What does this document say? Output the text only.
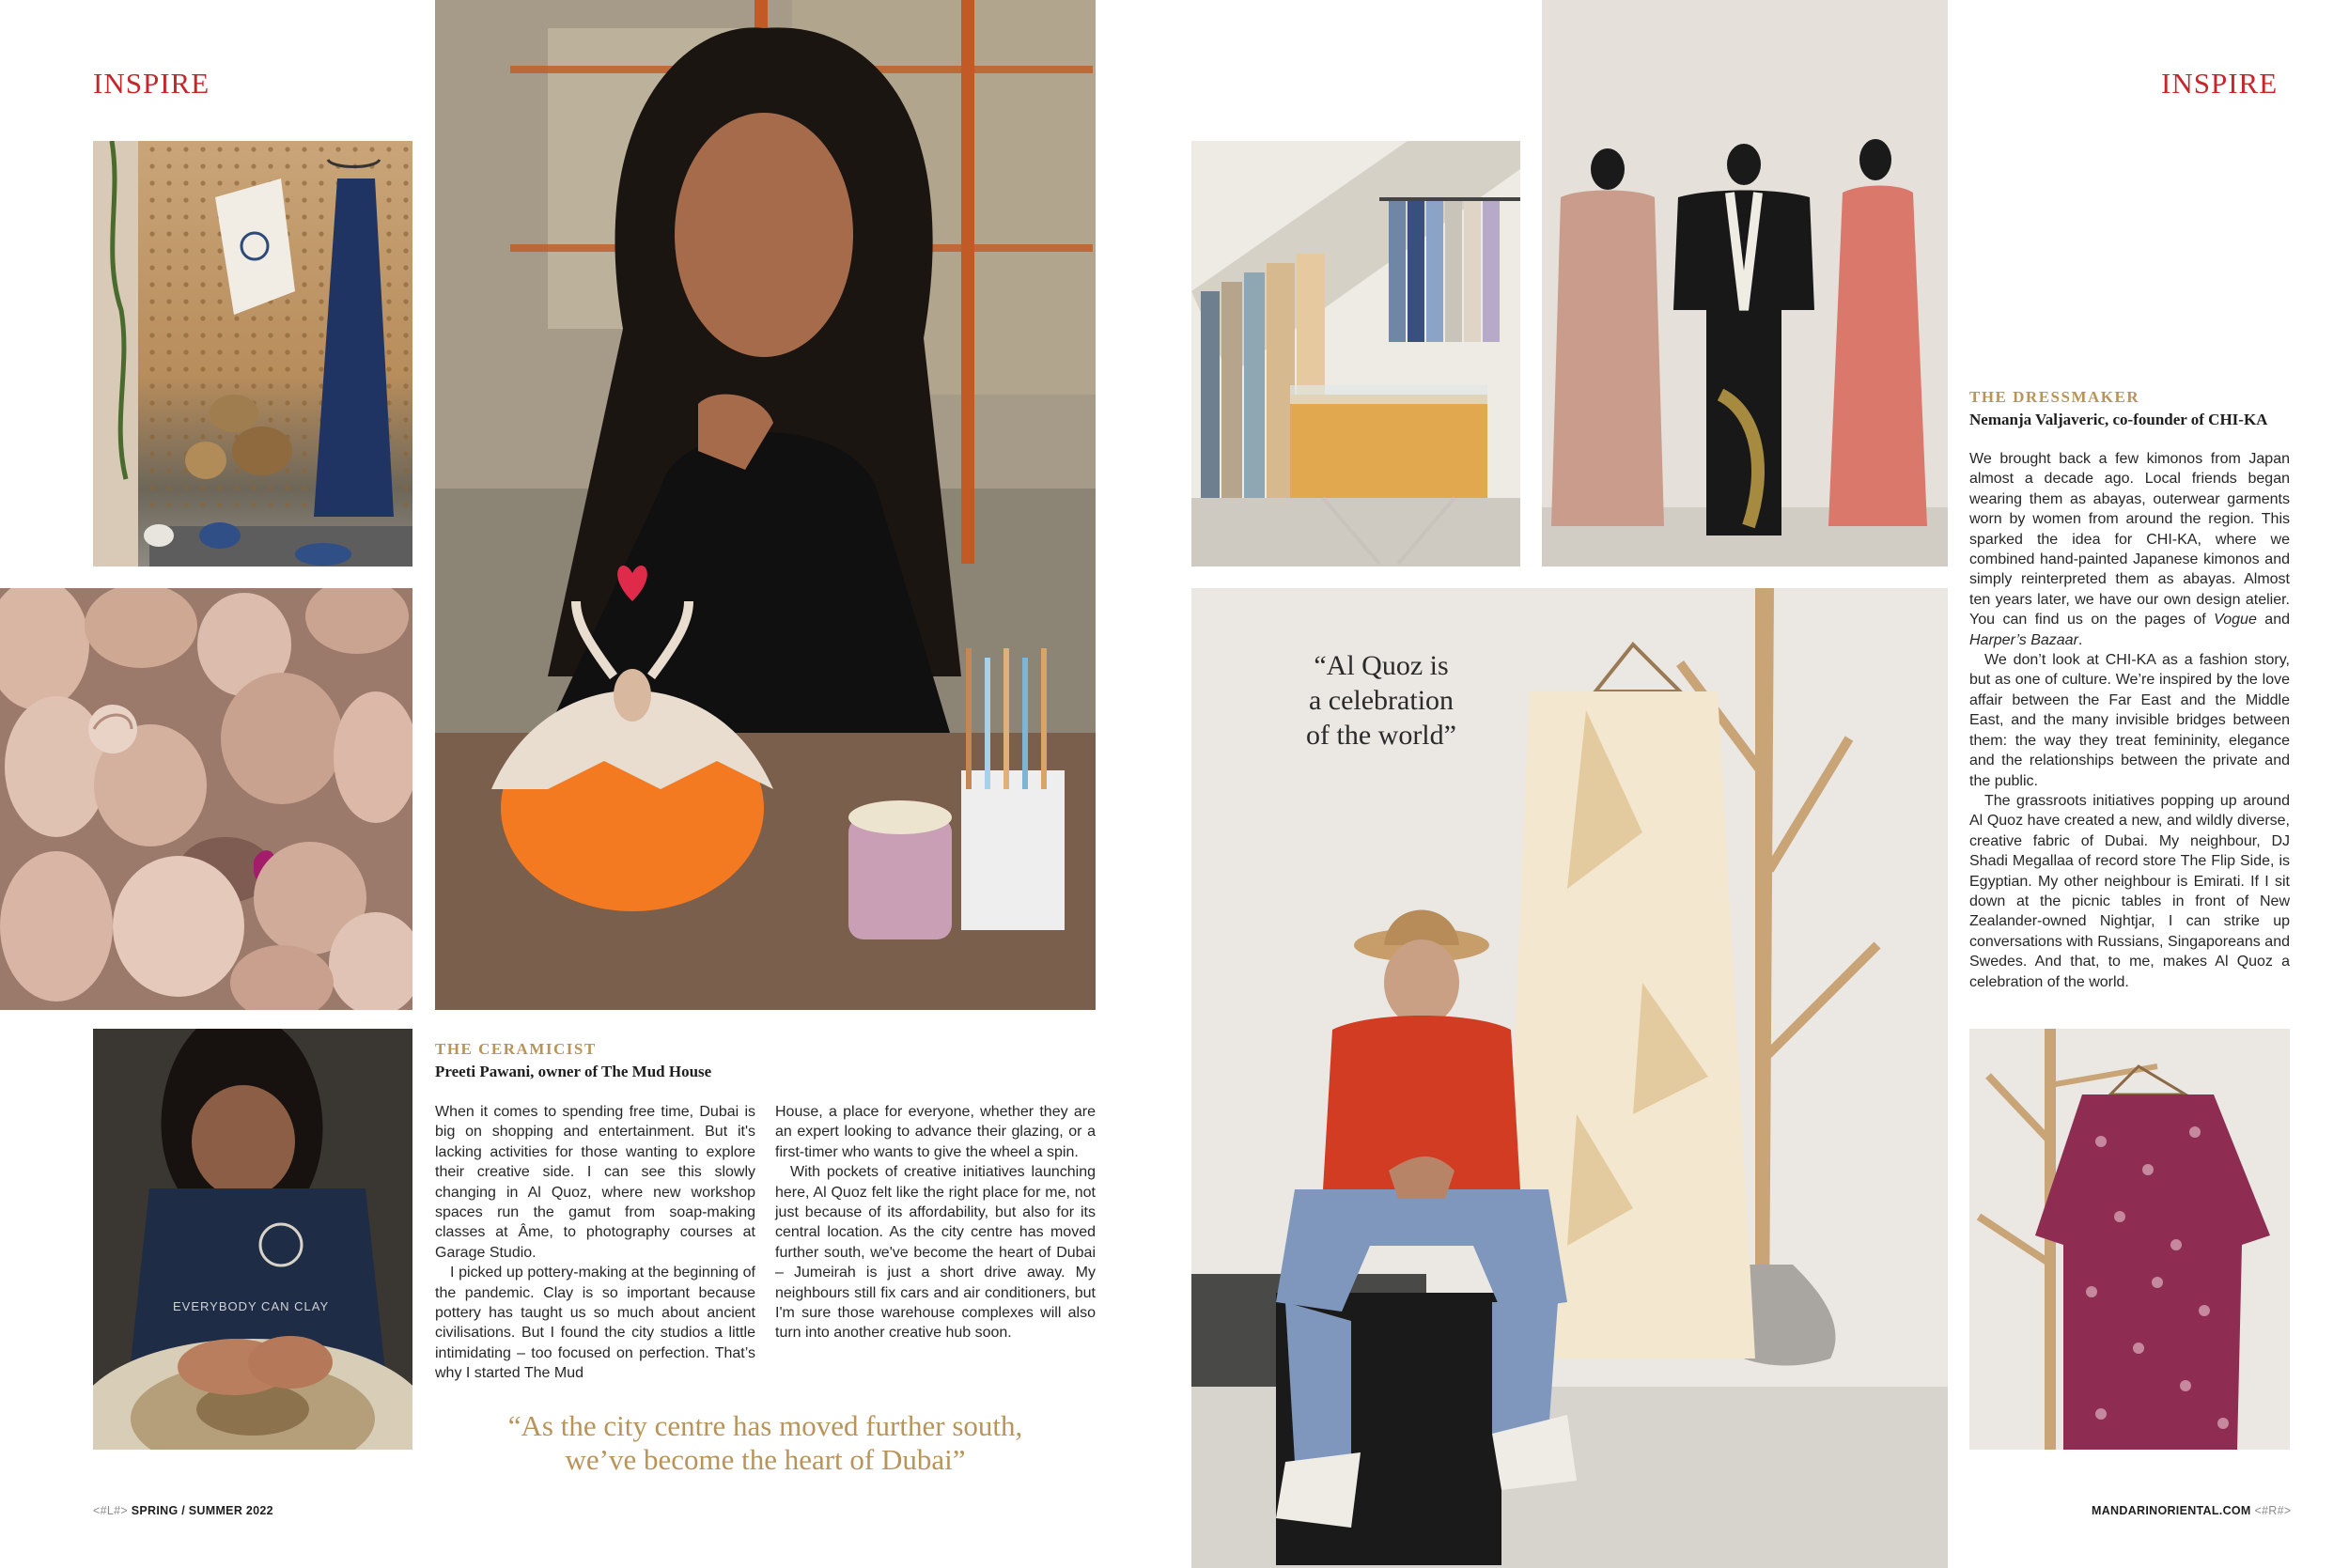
INSPIRE
EVERYBODY CAN CLAY
THE CERAMICIST
Preeti Pawani, owner of The Mud House

When it comes to spending free time, Dubai is big on shopping and entertainment. But it's lacking activities for those wanting to explore their creative side. I can see this slowly changing in Al Quoz, where new workshop spaces run the gamut from soap-making classes at Âme, to photography courses at Garage Studio.

I picked up pottery-making at the beginning of the pandemic. Clay is so important because pottery has taught us so much about ancient civilisations. But I found the city studios a little intimidating – too focused on perfection. That’s why I started The Mud

House, a place for everyone, whether they are an expert looking to advance their glazing, or a first-timer who wants to give the wheel a spin.

With pockets of creative initiatives launching here, Al Quoz felt like the right place for me, not just because of its affordability, but also for its central location. As the city centre has moved further south, we've become the heart of Dubai – Jumeirah is just a short drive away. My neighbours still fix cars and air conditioners, but I'm sure those warehouse complexes will also turn into another creative hub soon.

“As the city centre has moved further south,
we’ve become the heart of Dubai”
<#L#> SPRING / SUMMER 2022
INSPIRE
“Al Quoz is
a celebration
of the world”
THE DRESSMAKER
Nemanja Valjaveric, co-founder of CHI-KA

We brought back a few kimonos from Japan almost a decade ago. Local friends began wearing them as abayas, outerwear garments worn by women from around the region. This sparked the idea for CHI-KA, where we combined hand-painted Japanese kimonos and simply reinterpreted them as abayas. Almost ten years later, we have our own design atelier. You can find us on the pages of Vogue and Harper’s Bazaar.

We don’t look at CHI-KA as a fashion story, but as one of culture. We’re inspired by the love affair between the Far East and the Middle East, and the many invisible bridges between them: the way they treat femininity, elegance and the relationships between the private and the public.

The grassroots initiatives popping up around Al Quoz have created a new, and wildly diverse, creative fabric of Dubai. My neighbour, DJ Shadi Megallaa of record store The Flip Side, is Egyptian. My other neighbour is Emirati. If I sit down at the picnic tables in front of New Zealander-owned Nightjar, I can strike up conversations with Russians, Singaporeans and Swedes. And that, to me, makes Al Quoz a celebration of the world.

MANDARINORIENTAL.COM <#R#>
